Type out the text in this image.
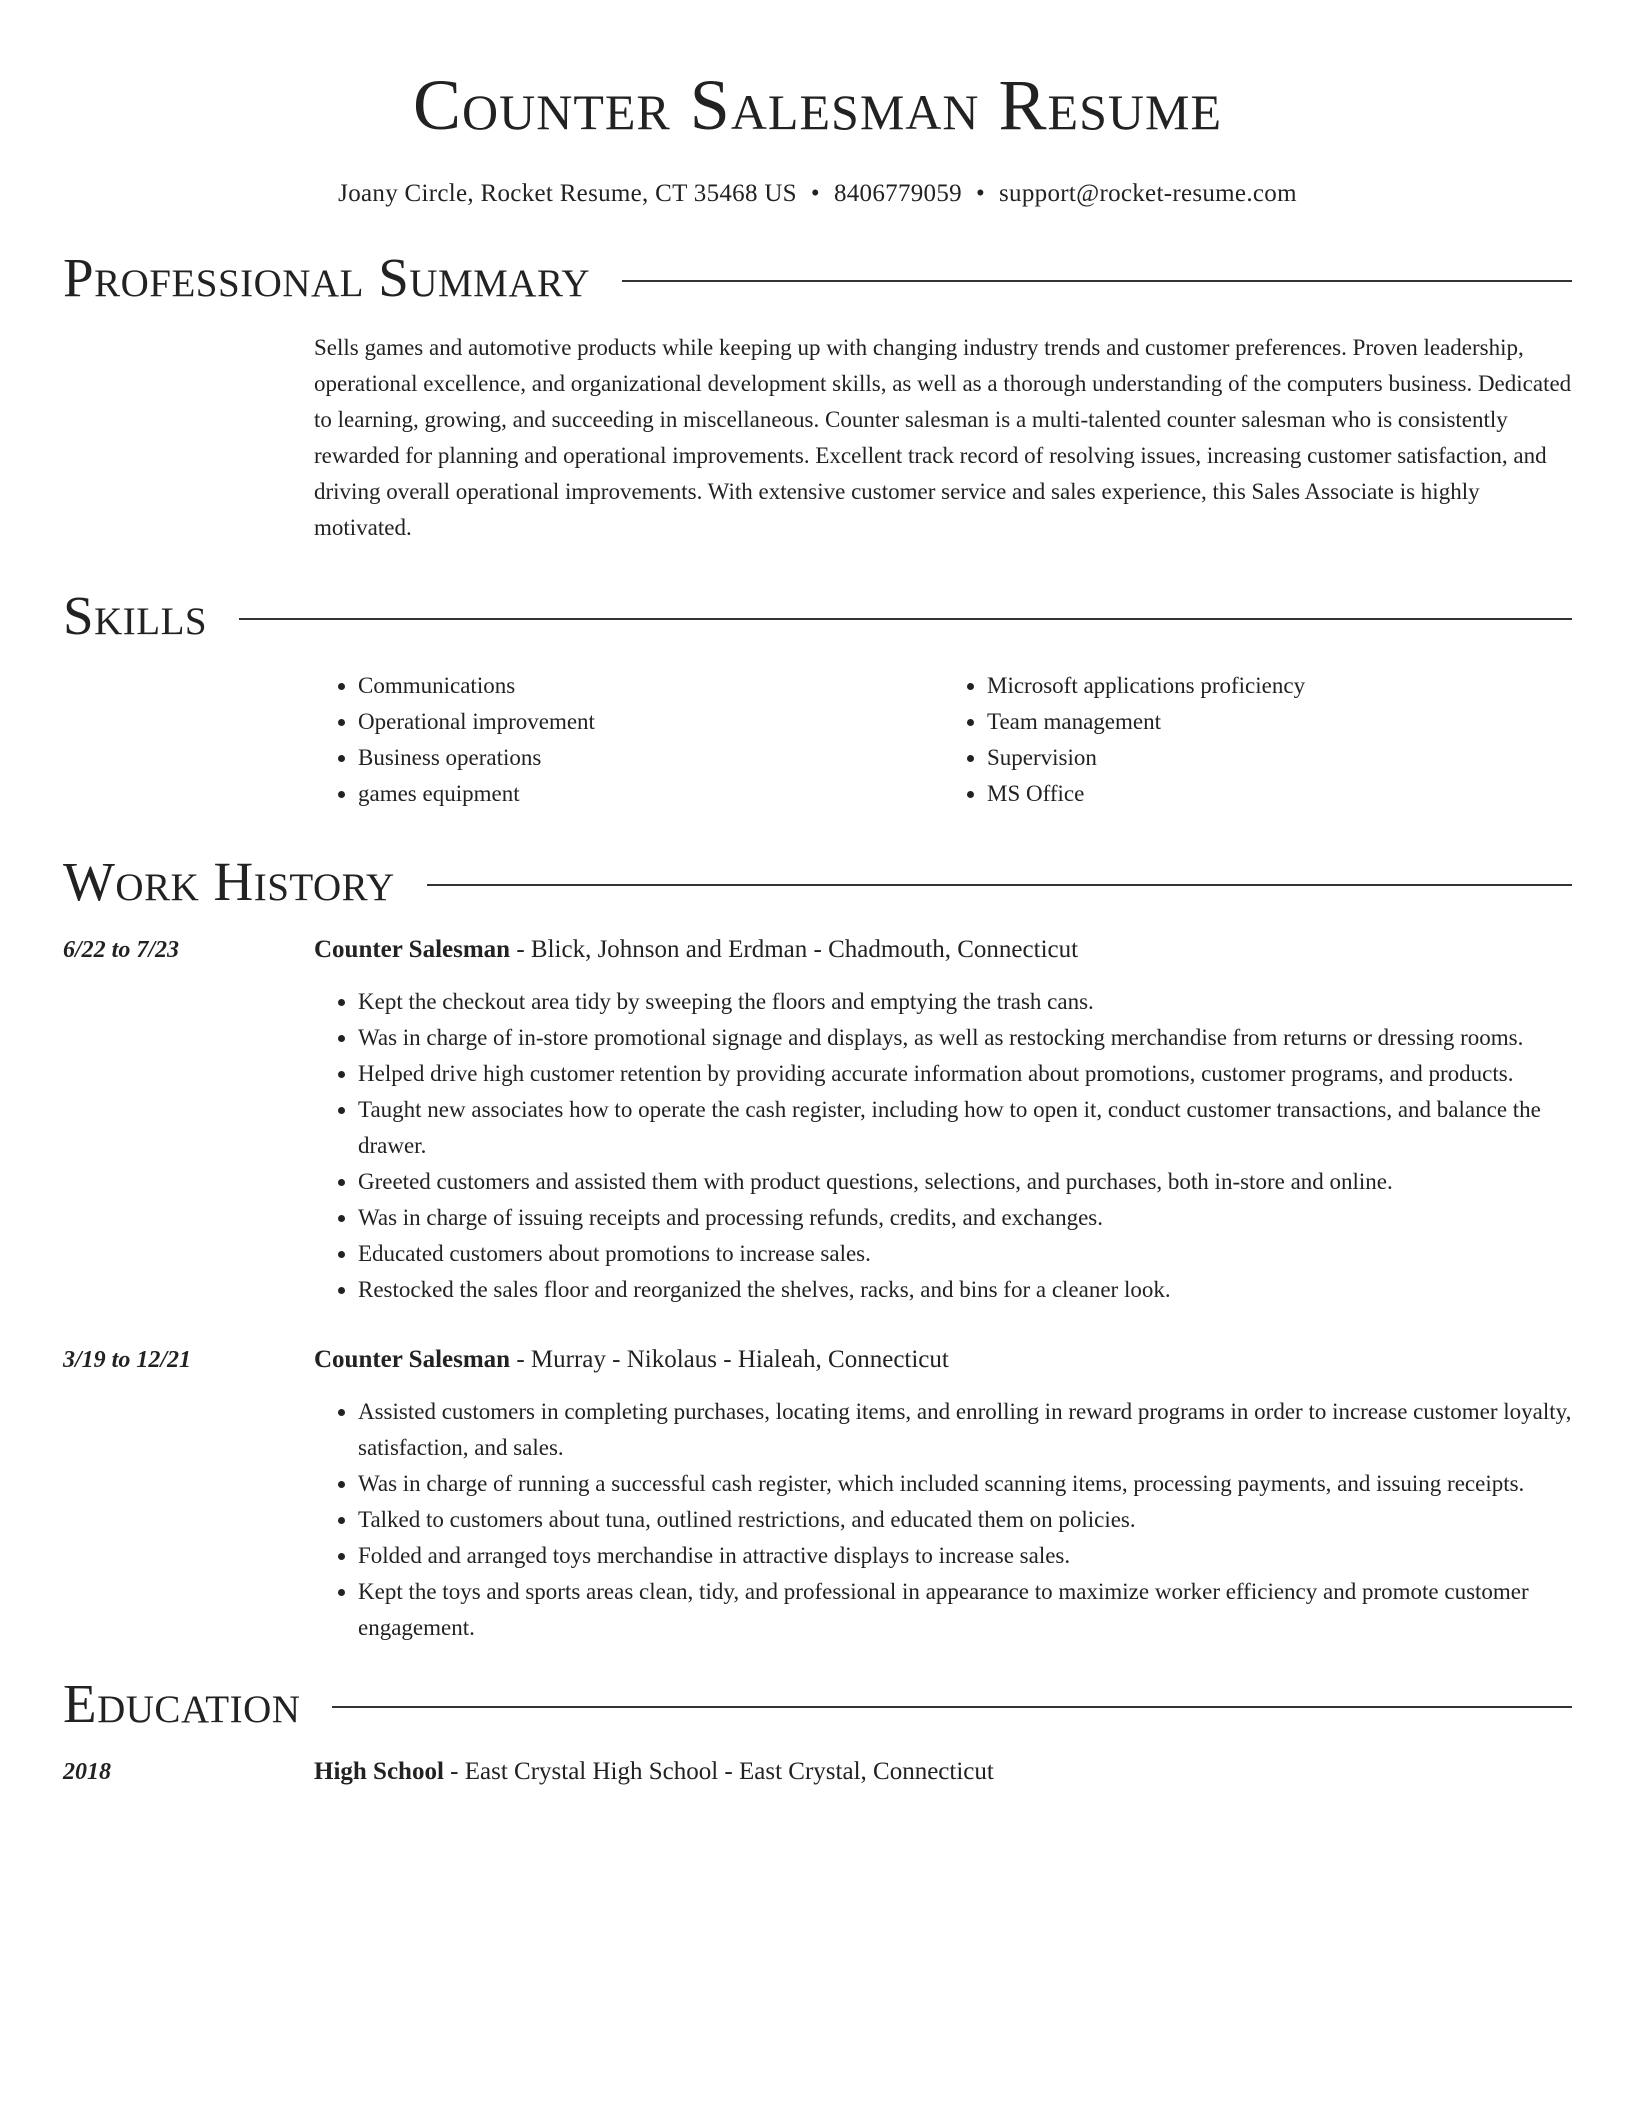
Counter Salesman Resume
Joany Circle, Rocket Resume, CT 35468 US • 8406779059 • support@rocket-resume.com
Professional Summary
Sells games and automotive products while keeping up with changing industry trends and customer preferences. Proven leadership, operational excellence, and organizational development skills, as well as a thorough understanding of the computers business. Dedicated to learning, growing, and succeeding in miscellaneous. Counter salesman is a multi-talented counter salesman who is consistently rewarded for planning and operational improvements. Excellent track record of resolving issues, increasing customer satisfaction, and driving overall operational improvements. With extensive customer service and sales experience, this Sales Associate is highly motivated.
Skills
• Communications
• Operational improvement
• Business operations
• games equipment
• Microsoft applications proficiency
• Team management
• Supervision
• MS Office
Work History
6/22 to 7/23	Counter Salesman - Blick, Johnson and Erdman - Chadmouth, Connecticut
• Kept the checkout area tidy by sweeping the floors and emptying the trash cans.
• Was in charge of in-store promotional signage and displays, as well as restocking merchandise from returns or dressing rooms.
• Helped drive high customer retention by providing accurate information about promotions, customer programs, and products.
• Taught new associates how to operate the cash register, including how to open it, conduct customer transactions, and balance the drawer.
• Greeted customers and assisted them with product questions, selections, and purchases, both in-store and online.
• Was in charge of issuing receipts and processing refunds, credits, and exchanges.
• Educated customers about promotions to increase sales.
• Restocked the sales floor and reorganized the shelves, racks, and bins for a cleaner look.
3/19 to 12/21	Counter Salesman - Murray - Nikolaus - Hialeah, Connecticut
• Assisted customers in completing purchases, locating items, and enrolling in reward programs in order to increase customer loyalty, satisfaction, and sales.
• Was in charge of running a successful cash register, which included scanning items, processing payments, and issuing receipts.
• Talked to customers about tuna, outlined restrictions, and educated them on policies.
• Folded and arranged toys merchandise in attractive displays to increase sales.
• Kept the toys and sports areas clean, tidy, and professional in appearance to maximize worker efficiency and promote customer engagement.
Education
2018	High School - East Crystal High School - East Crystal, Connecticut
